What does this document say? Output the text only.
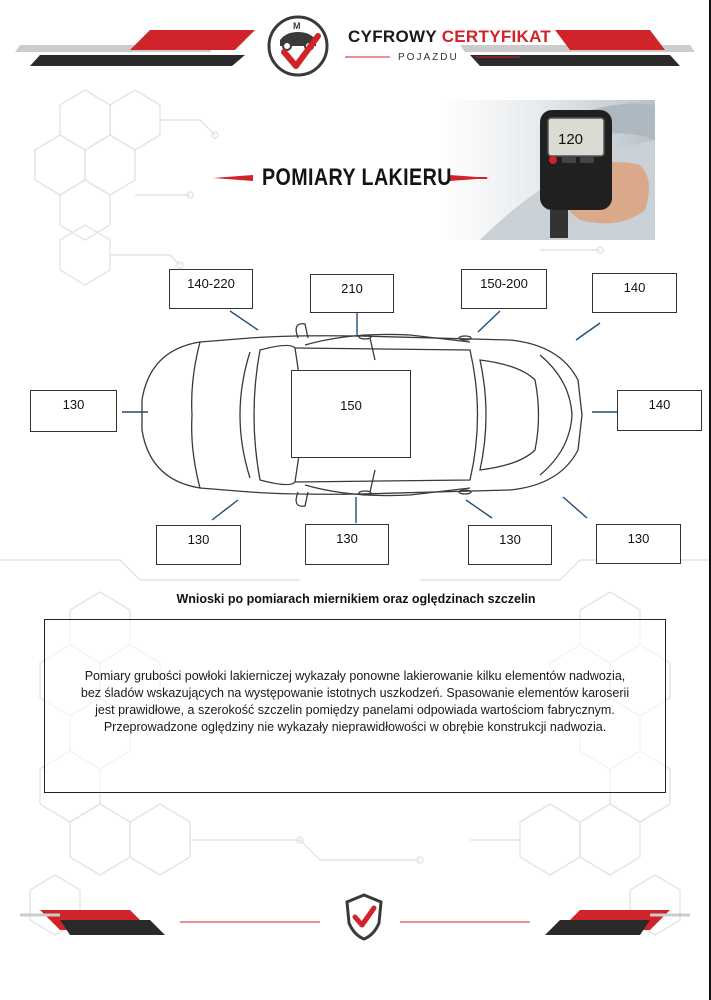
M
CYFROWY CERTYFIKAT
POJAZDU
120
POMIARY LAKIERU
140-220	210	150-200	140
130	150	140
130	130	130	130
Wnioski po pomiarach miernikiem oraz oględzinach szczelin
Pomiary grubości powłoki lakierniczej wykazały ponowne lakierowanie kilku elementów nadwozia,
bez śladów wskazujących na występowanie istotnych uszkodzeń. Spasowanie elementów karoserii
jest prawidłowe, a szerokość szczelin pomiędzy panelami odpowiada wartościom fabrycznym.
Przeprowadzone oględziny nie wykazały nieprawidłowości w obrębie konstrukcji nadwozia.
